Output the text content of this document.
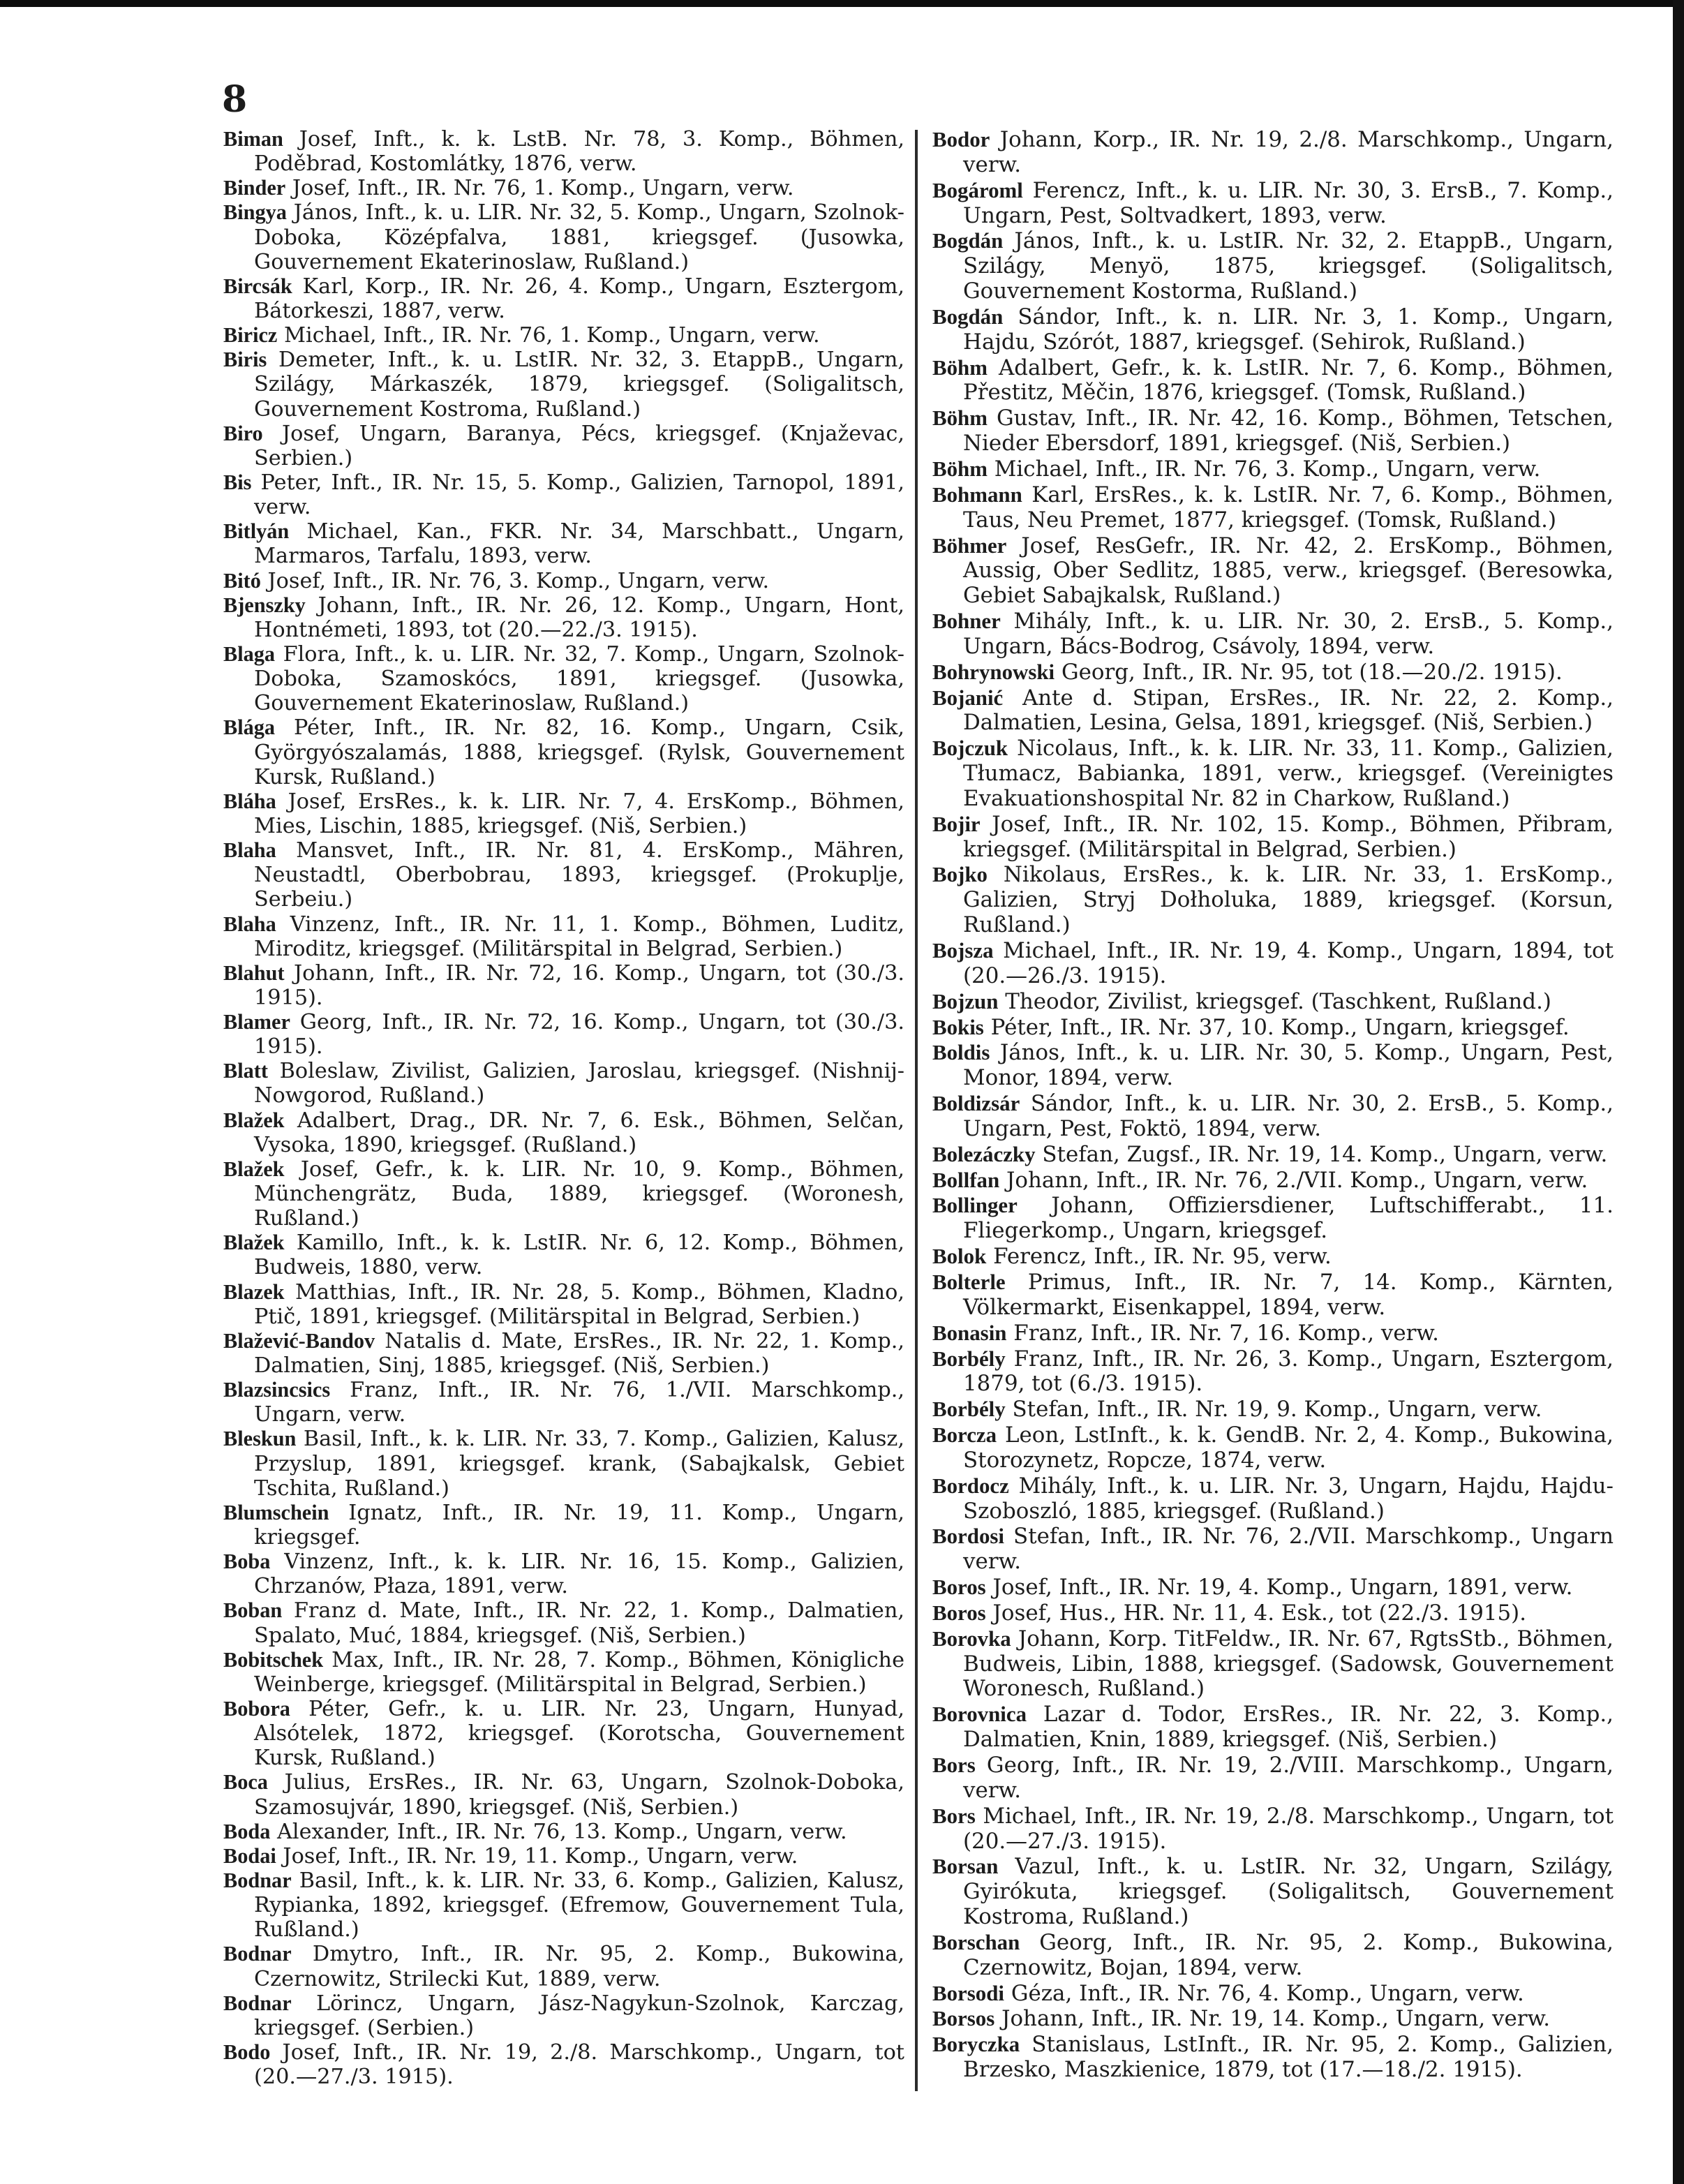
8

Biman Josef, Inft., k. k. LstB. Nr. 78, 3. Komp., Böhmen, Poděbrad, Kostomlátky, 1876, verw.

Binder Josef, Inft., IR. Nr. 76, 1. Komp., Ungarn, verw.

Bingya János, Inft., k. u. LIR. Nr. 32, 5. Komp., Ungarn, Szolnok-Doboka, Középfalva, 1881, kriegsgef. (Jusowka, Gouvernement Ekaterinoslaw, Rußland.)

Bircsák Karl, Korp., IR. Nr. 26, 4. Komp., Ungarn, Esztergom, Bátorkeszi, 1887, verw.

Biricz Michael, Inft., IR. Nr. 76, 1. Komp., Ungarn, verw.

Biris Demeter, Inft., k. u. LstIR. Nr. 32, 3. EtappB., Ungarn, Szilágy, Márkaszék, 1879, kriegsgef. (Soligalitsch, Gouvernement Kostroma, Rußland.)

Biro Josef, Ungarn, Baranya, Pécs, kriegsgef. (Knjaževac, Serbien.)

Bis Peter, Inft., IR. Nr. 15, 5. Komp., Galizien, Tarnopol, 1891, verw.

Bitlyán Michael, Kan., FKR. Nr. 34, Marschbatt., Ungarn, Marmaros, Tarfalu, 1893, verw.

Bitó Josef, Inft., IR. Nr. 76, 3. Komp., Ungarn, verw.

Bjenszky Johann, Inft., IR. Nr. 26, 12. Komp., Ungarn, Hont, Hontnémeti, 1893, tot (20.—22./3. 1915).

Blaga Flora, Inft., k. u. LIR. Nr. 32, 7. Komp., Ungarn, Szolnok-Doboka, Szamoskócs, 1891, kriegsgef. (Jusowka, Gouvernement Ekaterinoslaw, Rußland.)

Blága Péter, Inft., IR. Nr. 82, 16. Komp., Ungarn, Csik, Györgyószalamás, 1888, kriegsgef. (Rylsk, Gouvernement Kursk, Rußland.)

Bláha Josef, ErsRes., k. k. LIR. Nr. 7, 4. ErsKomp., Böhmen, Mies, Lischin, 1885, kriegsgef. (Niš, Serbien.)

Blaha Mansvet, Inft., IR. Nr. 81, 4. ErsKomp., Mähren, Neustadtl, Oberbobrau, 1893, kriegsgef. (Prokuplje, Serbeiu.)

Blaha Vinzenz, Inft., IR. Nr. 11, 1. Komp., Böhmen, Luditz, Miroditz, kriegsgef. (Militärspital in Belgrad, Serbien.)

Blahut Johann, Inft., IR. Nr. 72, 16. Komp., Ungarn, tot (30./3. 1915).

Blamer Georg, Inft., IR. Nr. 72, 16. Komp., Ungarn, tot (30./3. 1915).

Blatt Boleslaw, Zivilist, Galizien, Jaroslau, kriegsgef. (Nishnij-Nowgorod, Rußland.)

Blažek Adalbert, Drag., DR. Nr. 7, 6. Esk., Böhmen, Selčan, Vysoka, 1890, kriegsgef. (Rußland.)

Blažek Josef, Gefr., k. k. LIR. Nr. 10, 9. Komp., Böhmen, Münchengrätz, Buda, 1889, kriegsgef. (Woronesh, Rußland.)

Blažek Kamillo, Inft., k. k. LstIR. Nr. 6, 12. Komp., Böhmen, Budweis, 1880, verw.

Blazek Matthias, Inft., IR. Nr. 28, 5. Komp., Böhmen, Kladno, Ptič, 1891, kriegsgef. (Militärspital in Belgrad, Serbien.)

Blažević-Bandov Natalis d. Mate, ErsRes., IR. Nr. 22, 1. Komp., Dalmatien, Sinj, 1885, kriegsgef. (Niš, Serbien.)

Blazsincsics Franz, Inft., IR. Nr. 76, 1./VII. Marschkomp., Ungarn, verw.

Bleskun Basil, Inft., k. k. LIR. Nr. 33, 7. Komp., Galizien, Kalusz, Przyslup, 1891, kriegsgef. krank, (Sabajkalsk, Gebiet Tschita, Rußland.)

Blumschein Ignatz, Inft., IR. Nr. 19, 11. Komp., Ungarn, kriegsgef.

Boba Vinzenz, Inft., k. k. LIR. Nr. 16, 15. Komp., Galizien, Chrzanów, Płaza, 1891, verw.

Boban Franz d. Mate, Inft., IR. Nr. 22, 1. Komp., Dalmatien, Spalato, Muć, 1884, kriegsgef. (Niš, Serbien.)

Bobitschek Max, Inft., IR. Nr. 28, 7. Komp., Böhmen, Königliche Weinberge, kriegsgef. (Militärspital in Belgrad, Serbien.)

Bobora Péter, Gefr., k. u. LIR. Nr. 23, Ungarn, Hunyad, Alsótelek, 1872, kriegsgef. (Korotscha, Gouvernement Kursk, Rußland.)

Boca Julius, ErsRes., IR. Nr. 63, Ungarn, Szolnok-Doboka, Szamosujvár, 1890, kriegsgef. (Niš, Serbien.)

Boda Alexander, Inft., IR. Nr. 76, 13. Komp., Ungarn, verw.

Bodai Josef, Inft., IR. Nr. 19, 11. Komp., Ungarn, verw.

Bodnar Basil, Inft., k. k. LIR. Nr. 33, 6. Komp., Galizien, Kalusz, Rypianka, 1892, kriegsgef. (Efremow, Gouvernement Tula, Rußland.)

Bodnar Dmytro, Inft., IR. Nr. 95, 2. Komp., Bukowina, Czernowitz, Strilecki Kut, 1889, verw.

Bodnar Lörincz, Ungarn, Jász-Nagykun-Szolnok, Karczag, kriegsgef. (Serbien.)

Bodo Josef, Inft., IR. Nr. 19, 2./8. Marschkomp., Ungarn, tot (20.—27./3. 1915).

Bodor Johann, Korp., IR. Nr. 19, 2./8. Marschkomp., Ungarn, verw.

Bogároml Ferencz, Inft., k. u. LIR. Nr. 30, 3. ErsB., 7. Komp., Ungarn, Pest, Soltvadkert, 1893, verw.

Bogdán János, Inft., k. u. LstIR. Nr. 32, 2. EtappB., Ungarn, Szilágy, Menyö, 1875, kriegsgef. (Soligalitsch, Gouvernement Kostorma, Rußland.)

Bogdán Sándor, Inft., k. n. LIR. Nr. 3, 1. Komp., Ungarn, Hajdu, Szórót, 1887, kriegsgef. (Sehirok, Rußland.)

Böhm Adalbert, Gefr., k. k. LstIR. Nr. 7, 6. Komp., Böhmen, Přestitz, Měčin, 1876, kriegsgef. (Tomsk, Rußland.)

Böhm Gustav, Inft., IR. Nr. 42, 16. Komp., Böhmen, Tetschen, Nieder Ebersdorf, 1891, kriegsgef. (Niš, Serbien.)

Böhm Michael, Inft., IR. Nr. 76, 3. Komp., Ungarn, verw.

Bohmann Karl, ErsRes., k. k. LstIR. Nr. 7, 6. Komp., Böhmen, Taus, Neu Premet, 1877, kriegsgef. (Tomsk, Rußland.)

Böhmer Josef, ResGefr., IR. Nr. 42, 2. ErsKomp., Böhmen, Aussig, Ober Sedlitz, 1885, verw., kriegsgef. (Beresowka, Gebiet Sabajkalsk, Rußland.)

Bohner Mihály, Inft., k. u. LIR. Nr. 30, 2. ErsB., 5. Komp., Ungarn, Bács-Bodrog, Csávoly, 1894, verw.

Bohrynowski Georg, Inft., IR. Nr. 95, tot (18.—20./2. 1915).

Bojanić Ante d. Stipan, ErsRes., IR. Nr. 22, 2. Komp., Dalmatien, Lesina, Gelsa, 1891, kriegsgef. (Niš, Serbien.)

Bojczuk Nicolaus, Inft., k. k. LIR. Nr. 33, 11. Komp., Galizien, Tłumacz, Babianka, 1891, verw., kriegsgef. (Vereinigtes Evakuationshospital Nr. 82 in Charkow, Rußland.)

Bojir Josef, Inft., IR. Nr. 102, 15. Komp., Böhmen, Přibram, kriegsgef. (Militärspital in Belgrad, Serbien.)

Bojko Nikolaus, ErsRes., k. k. LIR. Nr. 33, 1. ErsKomp., Galizien, Stryj Dołholuka, 1889, kriegsgef. (Korsun, Rußland.)

Bojsza Michael, Inft., IR. Nr. 19, 4. Komp., Ungarn, 1894, tot (20.—26./3. 1915).

Bojzun Theodor, Zivilist, kriegsgef. (Taschkent, Rußland.)

Bokis Péter, Inft., IR. Nr. 37, 10. Komp., Ungarn, kriegsgef.

Boldis János, Inft., k. u. LIR. Nr. 30, 5. Komp., Ungarn, Pest, Monor, 1894, verw.

Boldizsár Sándor, Inft., k. u. LIR. Nr. 30, 2. ErsB., 5. Komp., Ungarn, Pest, Foktö, 1894, verw.

Bolezáczky Stefan, Zugsf., IR. Nr. 19, 14. Komp., Ungarn, verw.

Bollfan Johann, Inft., IR. Nr. 76, 2./VII. Komp., Ungarn, verw.

Bollinger Johann, Offiziersdiener, Luftschifferabt., 11. Fliegerkomp., Ungarn, kriegsgef.

Bolok Ferencz, Inft., IR. Nr. 95, verw.

Bolterle Primus, Inft., IR. Nr. 7, 14. Komp., Kärnten, Völkermarkt, Eisenkappel, 1894, verw.

Bonasin Franz, Inft., IR. Nr. 7, 16. Komp., verw.

Borbély Franz, Inft., IR. Nr. 26, 3. Komp., Ungarn, Esztergom, 1879, tot (6./3. 1915).

Borbély Stefan, Inft., IR. Nr. 19, 9. Komp., Ungarn, verw.

Borcza Leon, LstInft., k. k. GendB. Nr. 2, 4. Komp., Bukowina, Storozynetz, Ropcze, 1874, verw.

Bordocz Mihály, Inft., k. u. LIR. Nr. 3, Ungarn, Hajdu, Hajdu-Szoboszló, 1885, kriegsgef. (Rußland.)

Bordosi Stefan, Inft., IR. Nr. 76, 2./VII. Marschkomp., Ungarn verw.

Boros Josef, Inft., IR. Nr. 19, 4. Komp., Ungarn, 1891, verw.

Boros Josef, Hus., HR. Nr. 11, 4. Esk., tot (22./3. 1915).

Borovka Johann, Korp. TitFeldw., IR. Nr. 67, RgtsStb., Böhmen, Budweis, Libin, 1888, kriegsgef. (Sadowsk, Gouvernement Woronesch, Rußland.)

Borovnica Lazar d. Todor, ErsRes., IR. Nr. 22, 3. Komp., Dalmatien, Knin, 1889, kriegsgef. (Niš, Serbien.)

Bors Georg, Inft., IR. Nr. 19, 2./VIII. Marschkomp., Ungarn, verw.

Bors Michael, Inft., IR. Nr. 19, 2./8. Marschkomp., Ungarn, tot (20.—27./3. 1915).

Borsan Vazul, Inft., k. u. LstIR. Nr. 32, Ungarn, Szilágy, Gyirókuta, kriegsgef. (Soligalitsch, Gouvernement Kostroma, Rußland.)

Borschan Georg, Inft., IR. Nr. 95, 2. Komp., Bukowina, Czernowitz, Bojan, 1894, verw.

Borsodi Géza, Inft., IR. Nr. 76, 4. Komp., Ungarn, verw.

Borsos Johann, Inft., IR. Nr. 19, 14. Komp., Ungarn, verw.

Boryczka Stanislaus, LstInft., IR. Nr. 95, 2. Komp., Galizien, Brzesko, Maszkienice, 1879, tot (17.—18./2. 1915).
